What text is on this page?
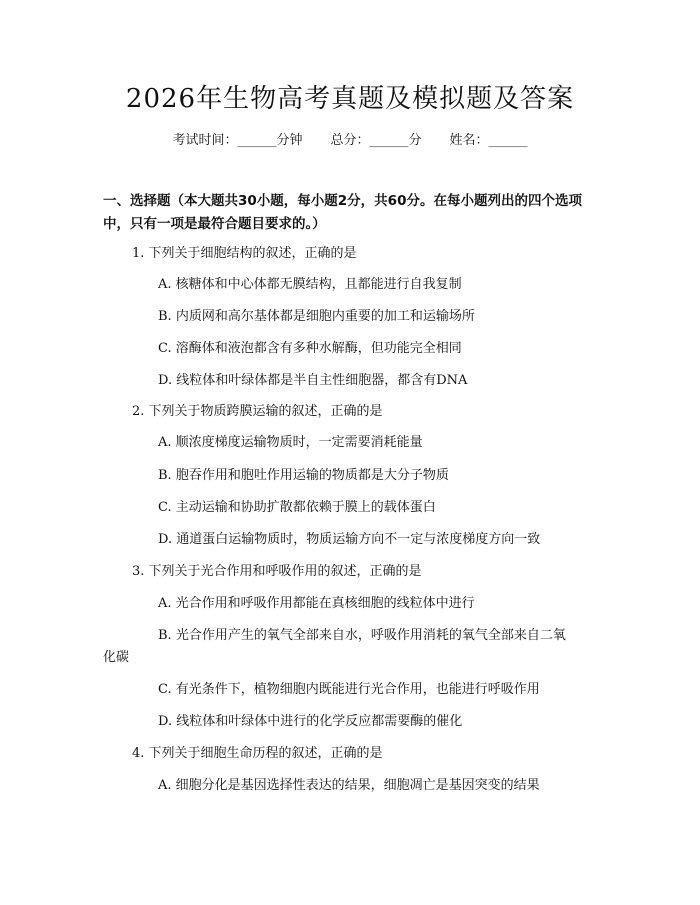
2026年生物高考真题及模拟题及答案
考试时间：______分钟 总分：______分 姓名：______
一、选择题（本大题共30小题，每小题2分，共60分。在每小题列出的四个选项中，只有一项是最符合题目要求的。）
1. 下列关于细胞结构的叙述，正确的是
A. 核糖体和中心体都无膜结构，且都能进行自我复制
B. 内质网和高尔基体都是细胞内重要的加工和运输场所
C. 溶酶体和液泡都含有多种水解酶，但功能完全相同
D. 线粒体和叶绿体都是半自主性细胞器，都含有DNA
2. 下列关于物质跨膜运输的叙述，正确的是
A. 顺浓度梯度运输物质时，一定需要消耗能量
B. 胞吞作用和胞吐作用运输的物质都是大分子物质
C. 主动运输和协助扩散都依赖于膜上的载体蛋白
D. 通道蛋白运输物质时，物质运输方向不一定与浓度梯度方向一致
3. 下列关于光合作用和呼吸作用的叙述，正确的是
A. 光合作用和呼吸作用都能在真核细胞的线粒体中进行
B. 光合作用产生的氧气全部来自水，呼吸作用消耗的氧气全部来自二氧
化碳
C. 有光条件下，植物细胞内既能进行光合作用，也能进行呼吸作用
D. 线粒体和叶绿体中进行的化学反应都需要酶的催化
4. 下列关于细胞生命历程的叙述，正确的是
A. 细胞分化是基因选择性表达的结果，细胞凋亡是基因突变的结果
